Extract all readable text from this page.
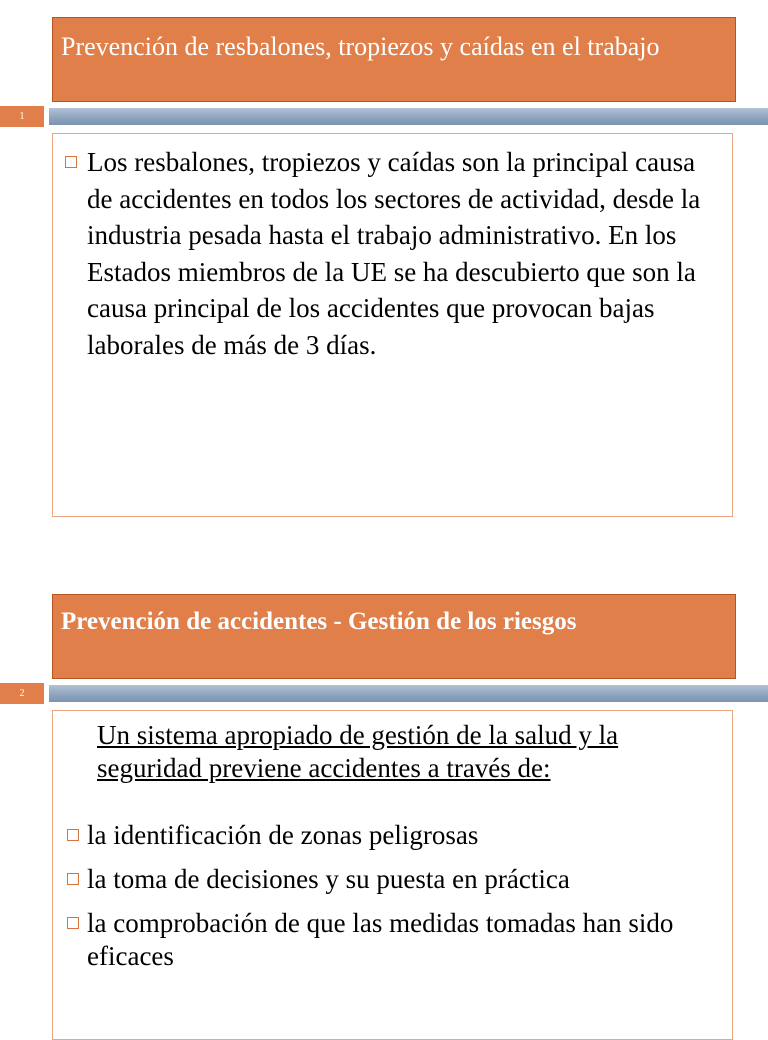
Prevención de resbalones, tropiezos y caídas en el trabajo
1
Los resbalones, tropiezos y caídas son la principal causa de accidentes en todos los sectores de actividad, desde la industria pesada hasta el trabajo administrativo. En los Estados miembros de la UE se ha descubierto que son la causa principal de los accidentes que provocan bajas laborales de más de 3 días.
Prevención de accidentes - Gestión de los riesgos
2
Un sistema apropiado de gestión de la salud y la seguridad previene accidentes a través de:
la identificación de zonas peligrosas
la toma de decisiones y su puesta en práctica
la comprobación de que las medidas tomadas han sido eficaces
